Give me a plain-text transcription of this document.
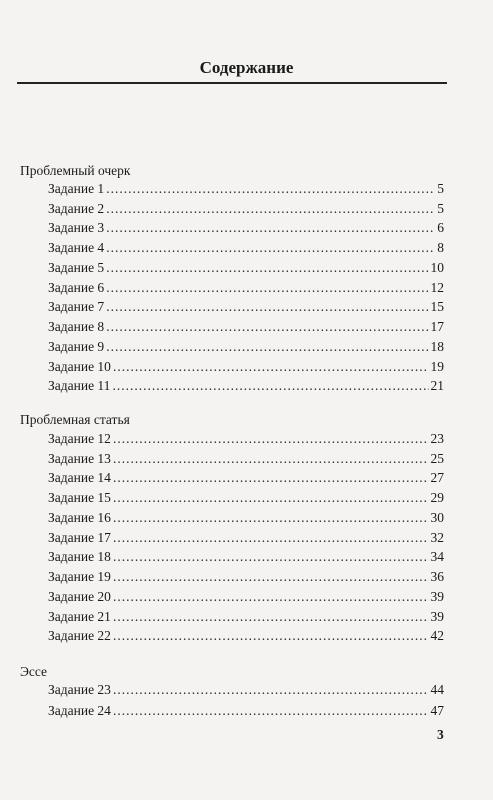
Содержание
Проблемный очерк
Задание 1 .....	5
Задание 2 .....	5
Задание 3 .....	6
Задание 4 .....	8
Задание 5 .....	10
Задание 6 .....	12
Задание 7 .....	15
Задание 8 .....	17
Задание 9 .....	18
Задание 10 .....	19
Задание 11 .....	21
Проблемная статья
Задание 12 .....	23
Задание 13 .....	25
Задание 14 .....	27
Задание 15 .....	29
Задание 16 .....	30
Задание 17 .....	32
Задание 18 .....	34
Задание 19 .....	36
Задание 20 .....	39
Задание 21 .....	39
Задание 22 .....	42
Эссе
Задание 23 .....	44
Задание 24 .....	47
3
